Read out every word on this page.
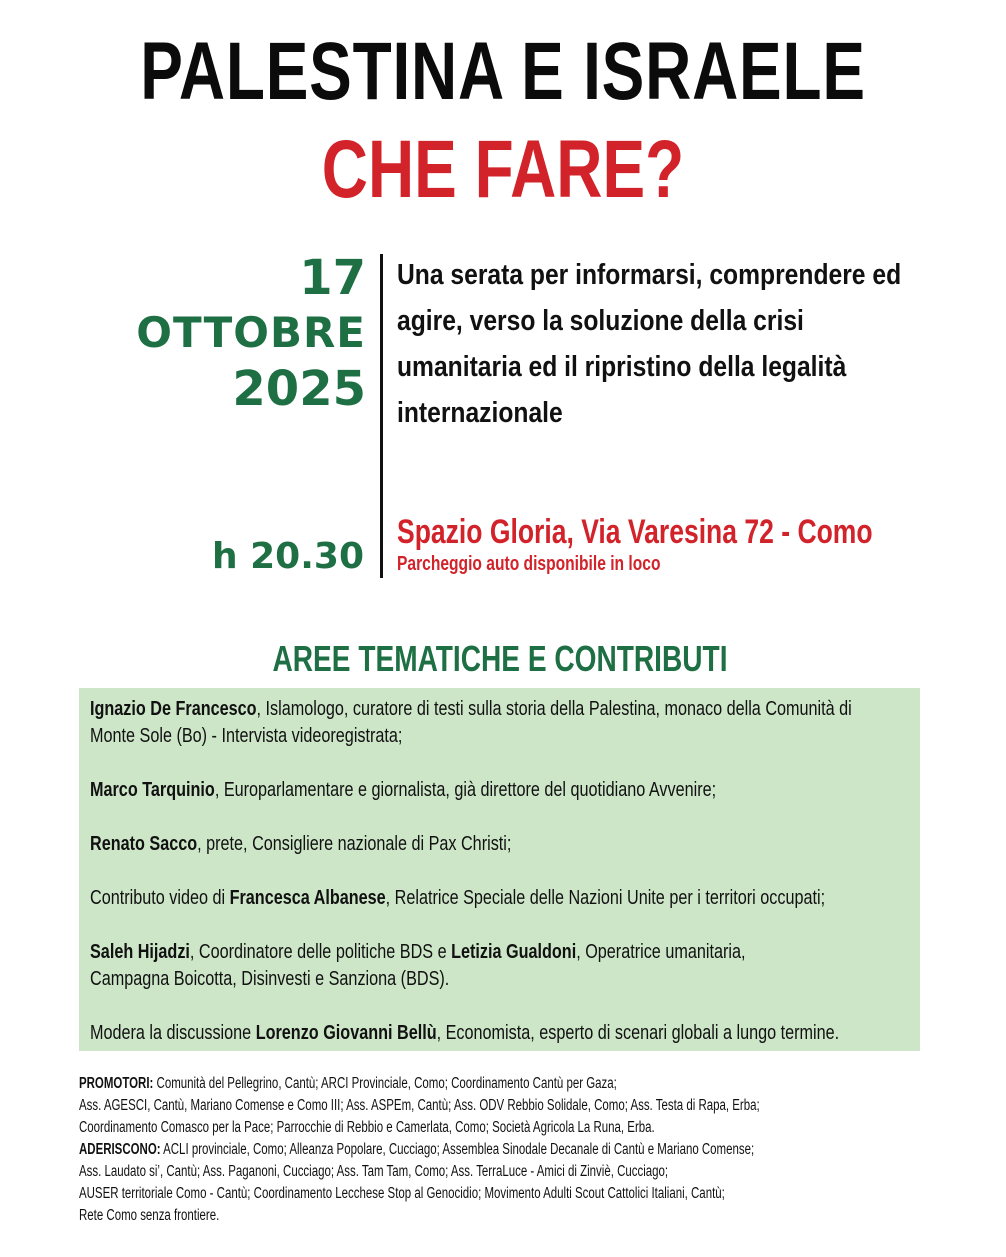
PALESTINA E ISRAELE
CHE FARE?
17
OTTOBRE
2025
h 20.30
Una serata per informarsi, comprendere ed agire, verso la soluzione della crisi umanitaria ed il ripristino della legalità internazionale
Spazio Gloria, Via Varesina 72 - Como
Parcheggio auto disponibile in loco
AREE TEMATICHE E CONTRIBUTI

Ignazio De Francesco, Islamologo, curatore di testi sulla storia della Palestina, monaco della Comunità di
Monte Sole (Bo) - Intervista videoregistrata;

Marco Tarquinio, Europarlamentare e giornalista, già direttore del quotidiano Avvenire;

Renato Sacco, prete, Consigliere nazionale di Pax Christi;

Contributo video di Francesca Albanese, Relatrice Speciale delle Nazioni Unite per i territori occupati;

Saleh Hijadzi, Coordinatore delle politiche BDS e Letizia Gualdoni, Operatrice umanitaria,
Campagna Boicotta, Disinvesti e Sanziona (BDS).

Modera la discussione Lorenzo Giovanni Bellù, Economista, esperto di scenari globali a lungo termine.

PROMOTORI: Comunità del Pellegrino, Cantù; ARCI Provinciale, Como; Coordinamento Cantù per Gaza;
Ass. AGESCI, Cantù, Mariano Comense e Como III; Ass. ASPEm, Cantù; Ass. ODV Rebbio Solidale, Como; Ass. Testa di Rapa, Erba;
Coordinamento Comasco per la Pace; Parrocchie di Rebbio e Camerlata, Como; Società Agricola La Runa, Erba.
ADERISCONO: ACLI provinciale, Como; Alleanza Popolare, Cucciago; Assemblea Sinodale Decanale di Cantù e Mariano Comense;
Ass. Laudato si’, Cantù; Ass. Paganoni, Cucciago; Ass. Tam Tam, Como; Ass. TerraLuce - Amici di Zinviè, Cucciago;
AUSER territoriale Como - Cantù; Coordinamento Lecchese Stop al Genocidio; Movimento Adulti Scout Cattolici Italiani, Cantù;
Rete Como senza frontiere.
